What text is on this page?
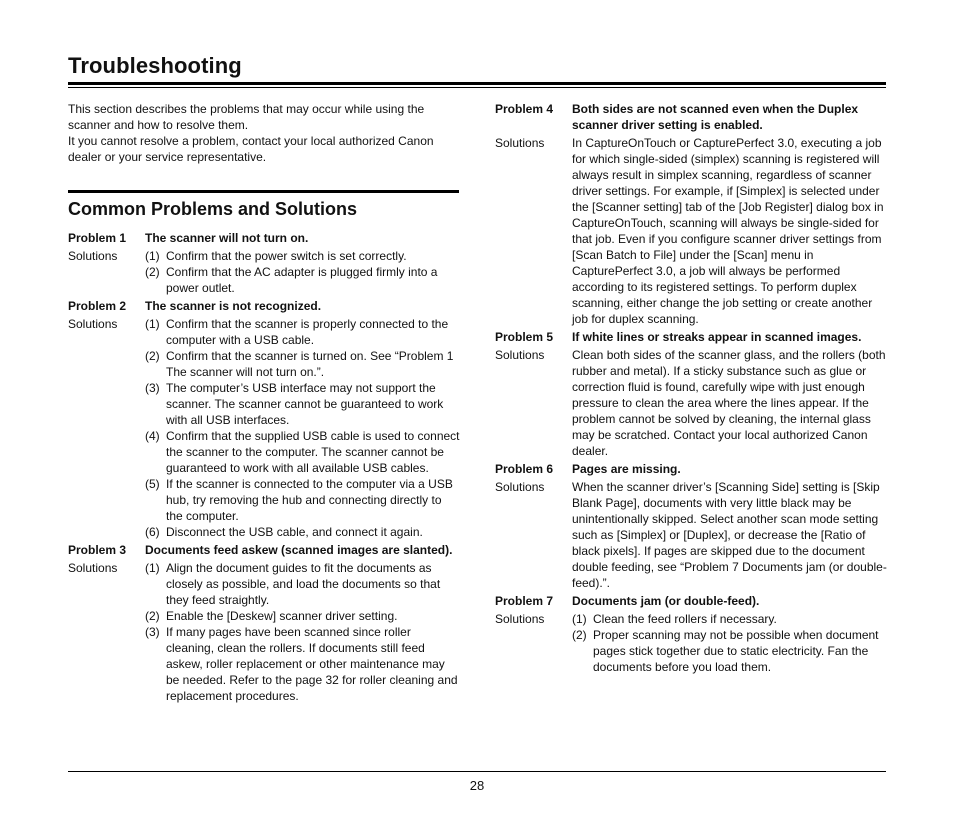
Troubleshooting

This section describes the problems that may occur while using the scanner and how to resolve them.

It you cannot resolve a problem, contact your local authorized Canon dealer or your service representative.

Common Problems and Solutions
Problem 1	The scanner will not turn on.
Solutions	(1) Confirm that the power switch is set correctly.
(2) Confirm that the AC adapter is plugged firmly into a power outlet.
Problem 2	The scanner is not recognized.
Solutions	(1) Confirm that the scanner is properly connected to the computer with a USB cable.
(2) Confirm that the scanner is turned on. See “Problem 1 The scanner will not turn on.”.
(3) The computer’s USB interface may not support the scanner. The scanner cannot be guaranteed to work with all USB interfaces.
(4) Confirm that the supplied USB cable is used to connect the scanner to the computer. The scanner cannot be guaranteed to work with all available USB cables.
(5) If the scanner is connected to the computer via a USB hub, try removing the hub and connecting directly to the computer.
(6) Disconnect the USB cable, and connect it again.
Problem 3	Documents feed askew (scanned images are slanted).
Solutions	(1) Align the document guides to fit the documents as closely as possible, and load the documents so that they feed straightly.
(2) Enable the [Deskew] scanner driver setting.
(3) If many pages have been scanned since roller cleaning, clean the rollers. If documents still feed askew, roller replacement or other maintenance may be needed. Refer to the page 32 for roller cleaning and replacement procedures.
Problem 4	Both sides are not scanned even when the Duplex scanner driver setting is enabled.
Solutions	In CaptureOnTouch or CapturePerfect 3.0, executing a job for which single-sided (simplex) scanning is registered will always result in simplex scanning, regardless of scanner driver settings. For example, if [Simplex] is selected under the [Scanner setting] tab of the [Job Register] dialog box in CaptureOnTouch, scanning will always be single-sided for that job. Even if you configure scanner driver settings from [Scan Batch to File] under the [Scan] menu in CapturePerfect 3.0, a job will always be performed according to its registered settings. To perform duplex scanning, either change the job setting or create another job for duplex scanning.

Problem 5	If white lines or streaks appear in scanned images.
Solutions	Clean both sides of the scanner glass, and the rollers (both rubber and metal). If a sticky substance such as glue or correction fluid is found, carefully wipe with just enough pressure to clean the area where the lines appear. If the problem cannot be solved by cleaning, the internal glass may be scratched. Contact your local authorized Canon dealer.

Problem 6	Pages are missing.
Solutions	When the scanner driver’s [Scanning Side] setting is [Skip Blank Page], documents with very little black may be unintentionally skipped. Select another scan mode setting such as [Simplex] or [Duplex], or decrease the [Ratio of black pixels]. If pages are skipped due to the document double feeding, see “Problem 7 Documents jam (or double-feed).”.

Problem 7	Documents jam (or double-feed).
Solutions	(1) Clean the feed rollers if necessary.
(2) Proper scanning may not be possible when document pages stick together due to static electricity. Fan the documents before you load them.
28
